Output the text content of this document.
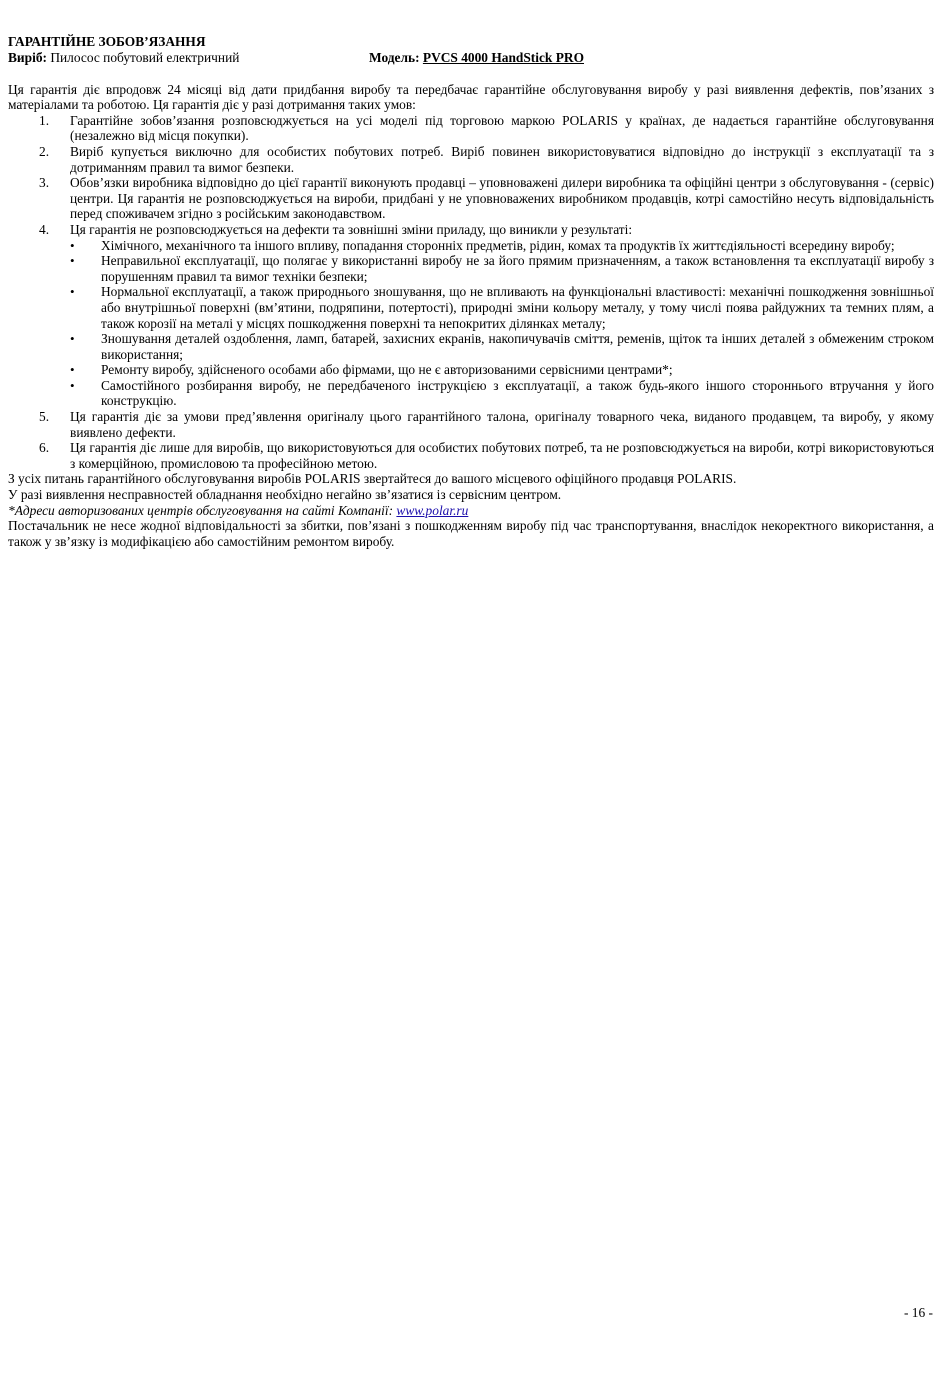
ГАРАНТІЙНЕ ЗОБОВ’ЯЗАННЯ
Виріб: Пилосос побутовий електричний	Модель: PVCS 4000 HandStick PRO

Ця гарантія діє впродовж 24 місяці від дати придбання виробу та передбачає гарантійне обслуговування виробу у разі виявлення дефектів, пов’язаних з матеріалами та роботою. Ця гарантія діє у разі дотримання таких умов:

1. Гарантійне зобов’язання розповсюджується на усі моделі під торговою маркою POLARIS у країнах, де надається гарантійне обслуговування (незалежно від місця покупки).
2. Виріб купується виключно для особистих побутових потреб. Виріб повинен використовуватися відповідно до інструкції з експлуатації та з дотриманням правил та вимог безпеки.
3. Обов’язки виробника відповідно до цієї гарантії виконують продавці – уповноважені дилери виробника та офіційні центри з обслуговування - (сервіс) центри. Ця гарантія не розповсюджується на вироби, придбані у не уповноважених виробником продавців, котрі самостійно несуть відповідальність перед споживачем згідно з російським законодавством.
4. Ця гарантія не розповсюджується на дефекти та зовнішні зміни приладу, що виникли у результаті:
• Хімічного, механічного та іншого впливу, попадання сторонніх предметів, рідин, комах та продуктів їх життєдіяльності всередину виробу;
• Неправильної експлуатації, що полягає у використанні виробу не за його прямим призначенням, а також встановлення та експлуатації виробу з порушенням правил та вимог техніки безпеки;
• Нормальної експлуатації, а також природнього зношування, що не впливають на функціональні властивості: механічні пошкодження зовнішньої або внутрішньої поверхні (вм’ятини, подряпини, потертості), природні зміни кольору металу, у тому числі поява райдужних та темних плям, а також корозії на металі у місцях пошкодження поверхні та непокритих ділянках металу;
• Зношування деталей оздоблення, ламп, батарей, захисних екранів, накопичувачів сміття, ременів, щіток та інших деталей з обмеженим строком використання;
• Ремонту виробу, здійсненого особами або фірмами, що не є авторизованими сервісними центрами*;
• Самостійного розбирання виробу, не передбаченого інструкцією з експлуатації, а також будь-якого іншого стороннього втручання у його конструкцію.
5. Ця гарантія діє за умови пред’явлення оригіналу цього гарантійного талона, оригіналу товарного чека, виданого продавцем, та виробу, у якому виявлено дефекти.
6. Ця гарантія діє лише для виробів, що використовуються для особистих побутових потреб, та не розповсюджується на вироби, котрі використовуються з комерційною, промисловою та професійною метою.

З усіх питань гарантійного обслуговування виробів POLARIS звертайтеся до вашого місцевого офіційного продавця POLARIS.

У разі виявлення несправностей обладнання необхідно негайно зв’язатися із сервісним центром.

*Адреси авторизованих центрів обслуговування на сайті Компанії: www.polar.ru

Постачальник не несе жодної відповідальності за збитки, пов’язані з пошкодженням виробу під час транспортування, внаслідок некоректного використання, а також у зв’язку із модифікацією або самостійним ремонтом виробу.

- 16 -
